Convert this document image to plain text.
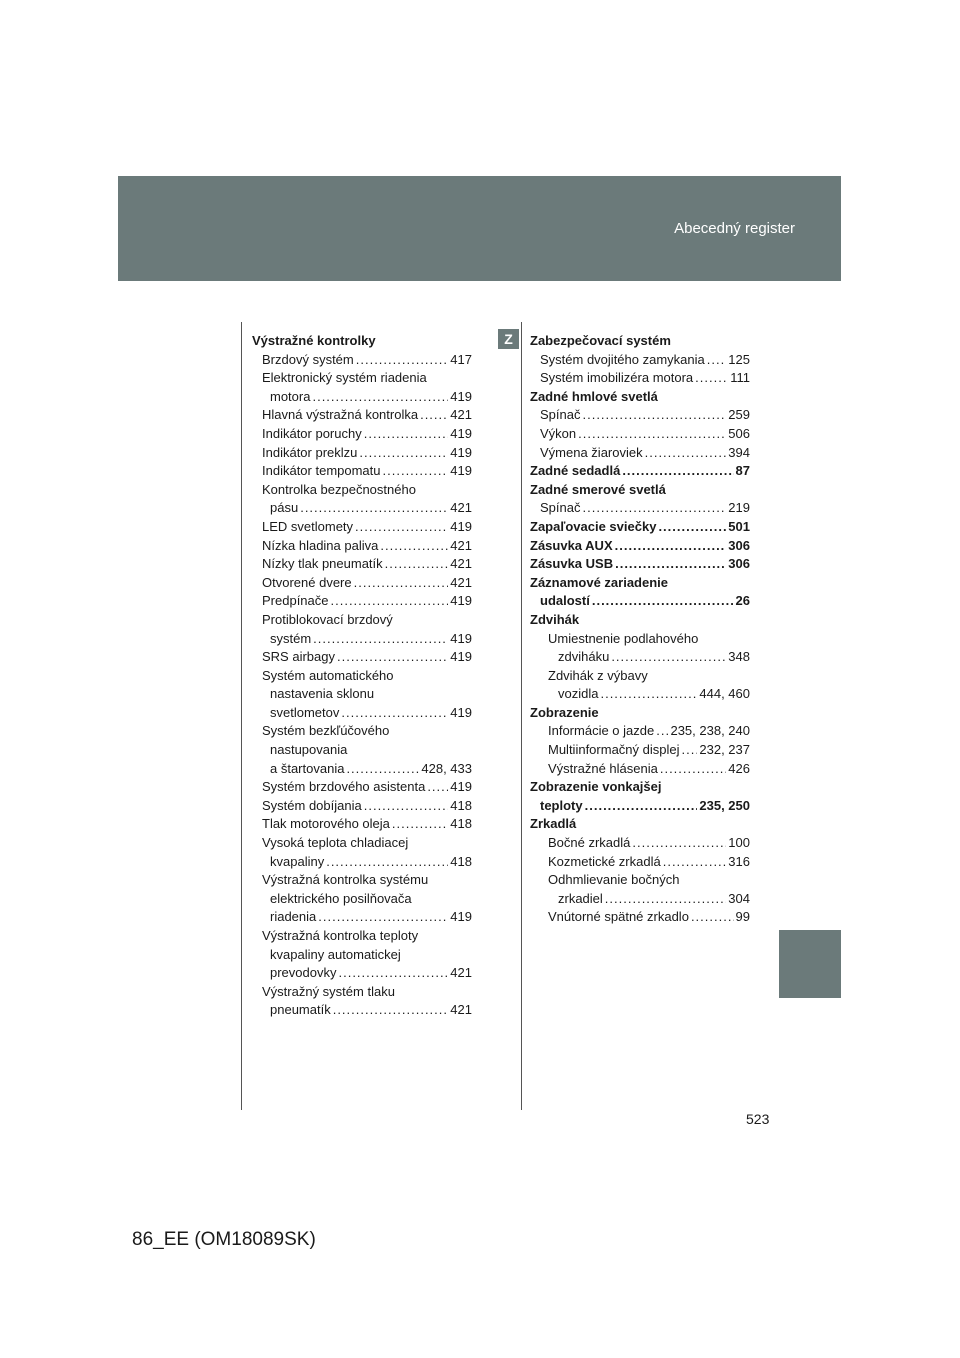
Abecedný register
Z
Výstražné kontrolky
Brzdový systém .....	417
Elektronický systém riadenia
motora .....	419
Hlavná výstražná kontrolka ..... 421
Indikátor poruchy .....	419
Indikátor preklzu .....	419
Indikátor tempomatu .....	419
Kontrolka bezpečnostného
pásu .....	421
LED svetlomety .....	419
Nízka hladina paliva .....	421
Nízky tlak pneumatík .....	421
Otvorené dvere .....	421
Predpínače .....	419
Protiblokovací brzdový
systém .....	419
SRS airbagy .....	419
Systém automatického
nastavenia sklonu
svetlometov .....	419
Systém bezkľúčového
nastupovania
a štartovania .....	428, 433
Systém brzdového asistenta ..... 419
Systém dobíjania .....	418
Tlak motorového oleja .....	418
Vysoká teplota chladiacej
kvapaliny .....	418
Výstražná kontrolka systému
elektrického posilňovača
riadenia .....	419
Výstražná kontrolka teploty
kvapaliny automatickej
prevodovky .....	421
Výstražný systém tlaku
pneumatík .....	421
Zabezpečovací systém
Systém dvojitého zamykania ..... 125
Systém imobilizéra motora .....	111
Zadné hmlové svetlá
Spínač .....	259
Výkon .....	506
Výmena žiaroviek .....	394
Zadné sedadlá .....	87
Zadné smerové svetlá
Spínač .....	219
Zapaľovacie sviečky .....	501
Zásuvka AUX .....	306
Zásuvka USB .....	306
Záznamové zariadenie
udalostí .....	26
Zdvihák
Umiestnenie podlahového
zdviháku .....	348
Zdvihák z výbavy
vozidla .....	444, 460
Zobrazenie
Informácie o jazde ..... 235, 238, 240
Multiinformačný displej ..... 232, 237
Výstražné hlásenia .....	426
Zobrazenie vonkajšej
teploty .....	235, 250
Zrkadlá
Bočné zrkadlá .....	100
Kozmetické zrkadlá .....	316
Odhmlievanie bočných
zrkadiel .....	304
Vnútorné spätné zrkadlo .....	99
523
86_EE (OM18089SK)
